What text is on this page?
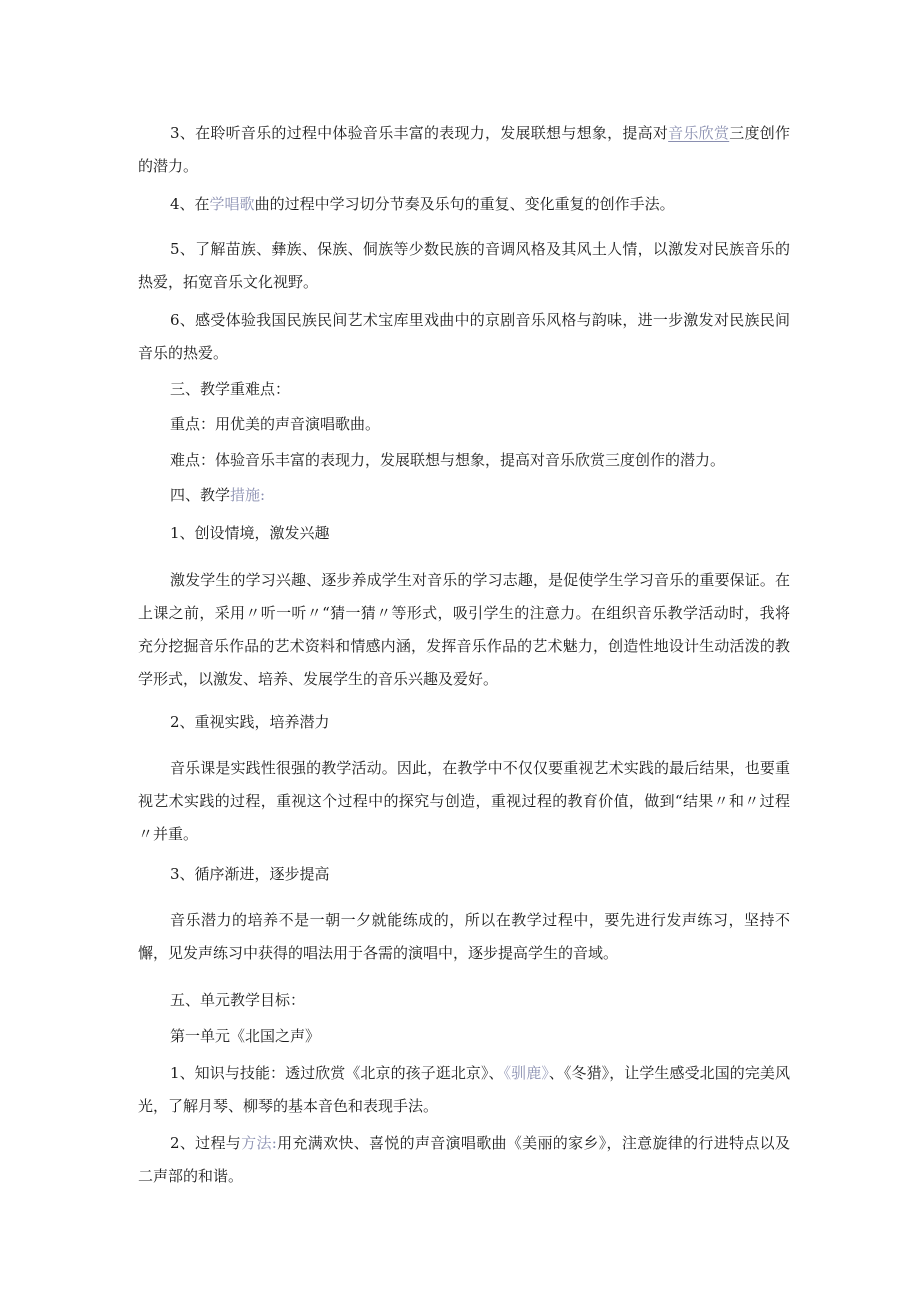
3、在聆听音乐的过程中体验音乐丰富的表现力，发展联想与想象，提高对音乐欣赏三度创作的潜力。

4、在学唱歌曲的过程中学习切分节奏及乐句的重复、变化重复的创作手法。

5、了解苗族、彝族、保族、侗族等少数民族的音调风格及其风土人情，以激发对民族音乐的热爱，拓宽音乐文化视野。

6、感受体验我国民族民间艺术宝库里戏曲中的京剧音乐风格与韵味，进一步激发对民族民间音乐的热爱。

三、教学重难点：

重点：用优美的声音演唱歌曲。

难点：体验音乐丰富的表现力，发展联想与想象，提高对音乐欣赏三度创作的潜力。

四、教学措施:

1、创设情境，激发兴趣

激发学生的学习兴趣、逐步养成学生对音乐的学习志趣，是促使学生学习音乐的重要保证。在上课之前，采用〃听一听〃“猜一猜〃等形式，吸引学生的注意力。在组织音乐教学活动时，我将充分挖掘音乐作品的艺术资料和情感内涵，发挥音乐作品的艺术魅力，创造性地设计生动活泼的教学形式，以激发、培养、发展学生的音乐兴趣及爱好。

2、重视实践，培养潜力

音乐课是实践性很强的教学活动。因此，在教学中不仅仅要重视艺术实践的最后结果，也要重视艺术实践的过程，重视这个过程中的探究与创造，重视过程的教育价值，做到“结果〃和〃过程〃并重。

3、循序渐进，逐步提高

音乐潜力的培养不是一朝一夕就能练成的，所以在教学过程中，要先进行发声练习，坚持不懈，见发声练习中获得的唱法用于各需的演唱中，逐步提高学生的音域。

五、单元教学目标：

第一单元《北国之声》

1、知识与技能：透过欣赏《北京的孩子逛北京》、《驯鹿》、《冬猎》，让学生感受北国的完美风光，了解月琴、柳琴的基本音色和表现手法。

2、过程与方法:用充满欢快、喜悦的声音演唱歌曲《美丽的家乡》，注意旋律的行进特点以及二声部的和谐。
